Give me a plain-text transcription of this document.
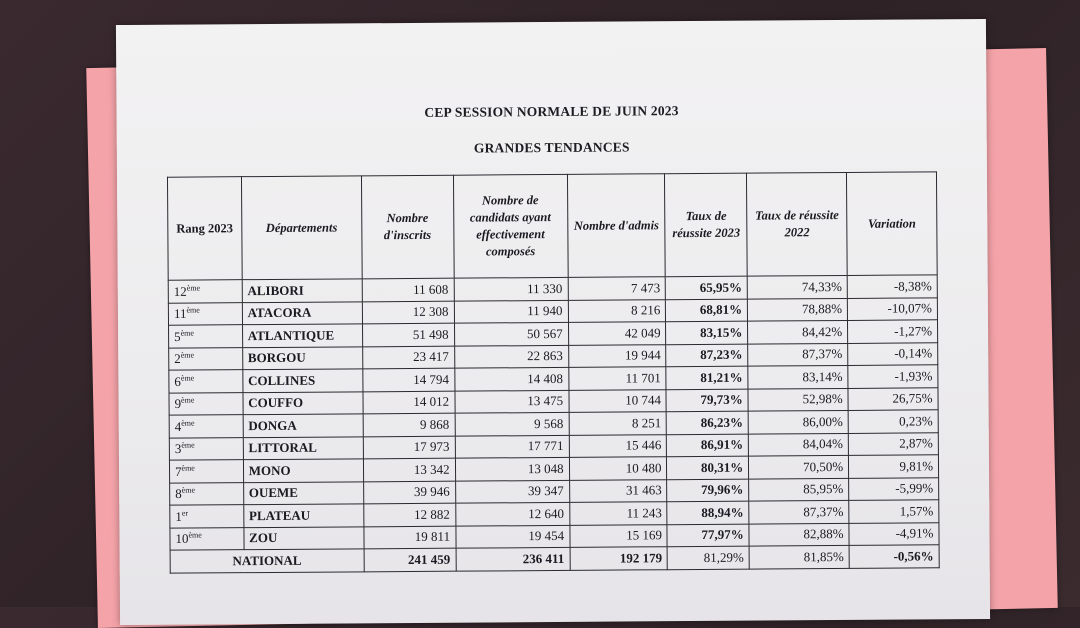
CEP SESSION NORMALE DE JUIN 2023
GRANDES TENDANCES
Rang 2023	Départements	Nombre d'inscrits	Nombre de candidats ayant effectivement composés	Nombre d'admis	Taux de réussite 2023	Taux de réussite 2022	Variation
12ème	ALIBORI	11 608	11 330	7 473	65,95%	74,33%	-8,38%
11ème	ATACORA	12 308	11 940	8 216	68,81%	78,88%	-10,07%
5ème	ATLANTIQUE	51 498	50 567	42 049	83,15%	84,42%	-1,27%
2ème	BORGOU	23 417	22 863	19 944	87,23%	87,37%	-0,14%
6ème	COLLINES	14 794	14 408	11 701	81,21%	83,14%	-1,93%
9ème	COUFFO	14 012	13 475	10 744	79,73%	52,98%	26,75%
4ème	DONGA	9 868	9 568	8 251	86,23%	86,00%	0,23%
3ème	LITTORAL	17 973	17 771	15 446	86,91%	84,04%	2,87%
7ème	MONO	13 342	13 048	10 480	80,31%	70,50%	9,81%
8ème	OUEME	39 946	39 347	31 463	79,96%	85,95%	-5,99%
1er	PLATEAU	12 882	12 640	11 243	88,94%	87,37%	1,57%
10ème	ZOU	19 811	19 454	15 169	77,97%	82,88%	-4,91%
NATIONAL		241 459	236 411	192 179	81,29%	81,85%	-0,56%
